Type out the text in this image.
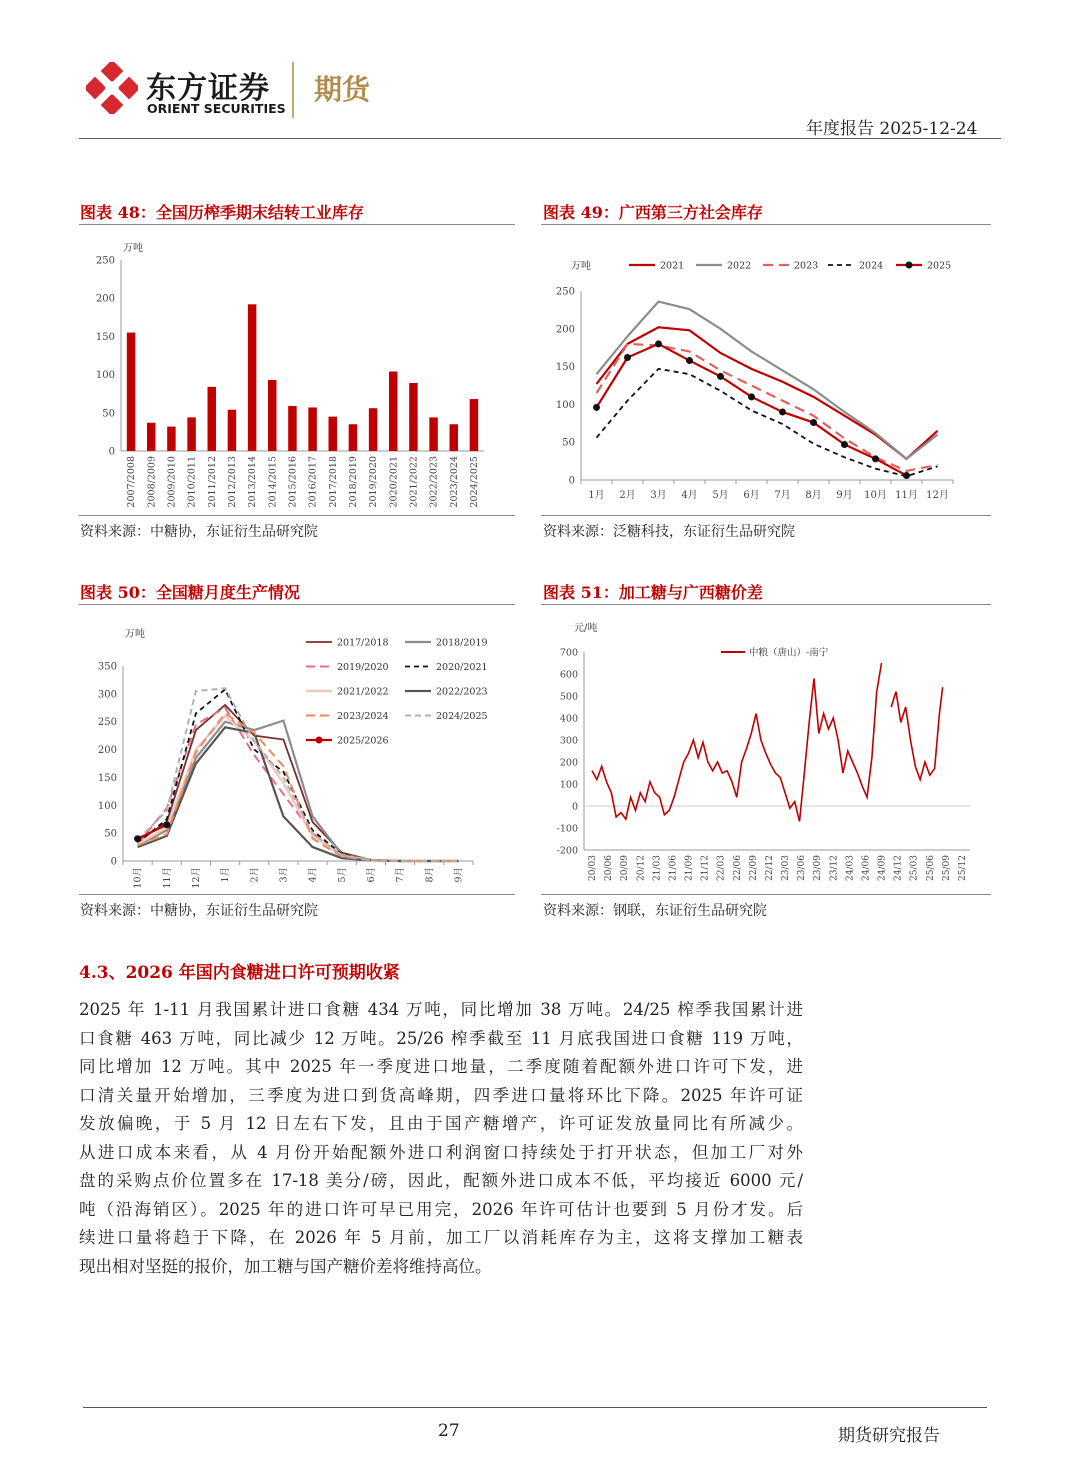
东方证券
ORIENT SECURITIES
期货
年度报告 2025-12-24
图表 48：全国历榨季期末结转工业库存
万吨
0
50
100
150
200
250
2007/2008 2008/2009 2009/2010 2010/2011 2011/2012 2012/2013 2013/2014 2014/2015 2015/2016 2016/2017 2017/2018 2018/2019 2019/2020 2020/2021 2021/2022 2022/2023 2023/2024 2024/2025
资料来源：中糖协，东证衍生品研究院
图表 49：广西第三方社会库存
万吨
0
50
100
150
200
250
1月 2月 3月 4月 5月 6月 7月 8月 9月 10月 11月 12月
2021	2022	2023	2024	2025
资料来源：泛糖科技，东证衍生品研究院
图表 50：全国糖月度生产情况
万吨
0
50
100
150
200
250
300
350
10月 11月 12月 1月 2月 3月 4月 5月 6月 7月 8月 9月
2017/2018	2018/2019
2019/2020	2020/2021
2021/2022	2022/2023
2023/2024	2024/2025
2025/2026
资料来源：中糖协，东证衍生品研究院
图表 51：加工糖与广西糖价差
元/吨
-200
-100
0
100
200
300
400
500
600
700
20/03 20/06 20/09 20/12 21/03 21/06 21/09 21/12 22/03 22/06 22/09 22/12 23/03 23/06 23/09 23/12 24/03 24/06 24/09 24/12 25/03 25/06 25/09 25/12
中粮（唐山）-南宁
资料来源：钢联，东证衍生品研究院
4.3、2026 年国内食糖进口许可预期收紧
2025 年 1-11 月我国累计进口食糖 434 万吨，同比增加 38 万吨。24/25 榨季我国累计进
口食糖 463 万吨，同比减少 12 万吨。25/26 榨季截至 11 月底我国进口食糖 119 万吨，
同比增加 12 万吨。其中 2025 年一季度进口地量，二季度随着配额外进口许可下发，进
口清关量开始增加，三季度为进口到货高峰期，四季进口量将环比下降。2025 年许可证
发放偏晚，于 5 月 12 日左右下发，且由于国产糖增产，许可证发放量同比有所减少。
从进口成本来看，从 4 月份开始配额外进口利润窗口持续处于打开状态，但加工厂对外
盘的采购点价位置多在 17-18 美分/磅，因此，配额外进口成本不低，平均接近 6000 元/
吨（沿海销区）。2025 年的进口许可早已用完，2026 年许可估计也要到 5 月份才发。后
续进口量将趋于下降，在 2026 年 5 月前，加工厂以消耗库存为主，这将支撑加工糖表
现出相对坚挺的报价，加工糖与国产糖价差将维持高位。
27	期货研究报告
